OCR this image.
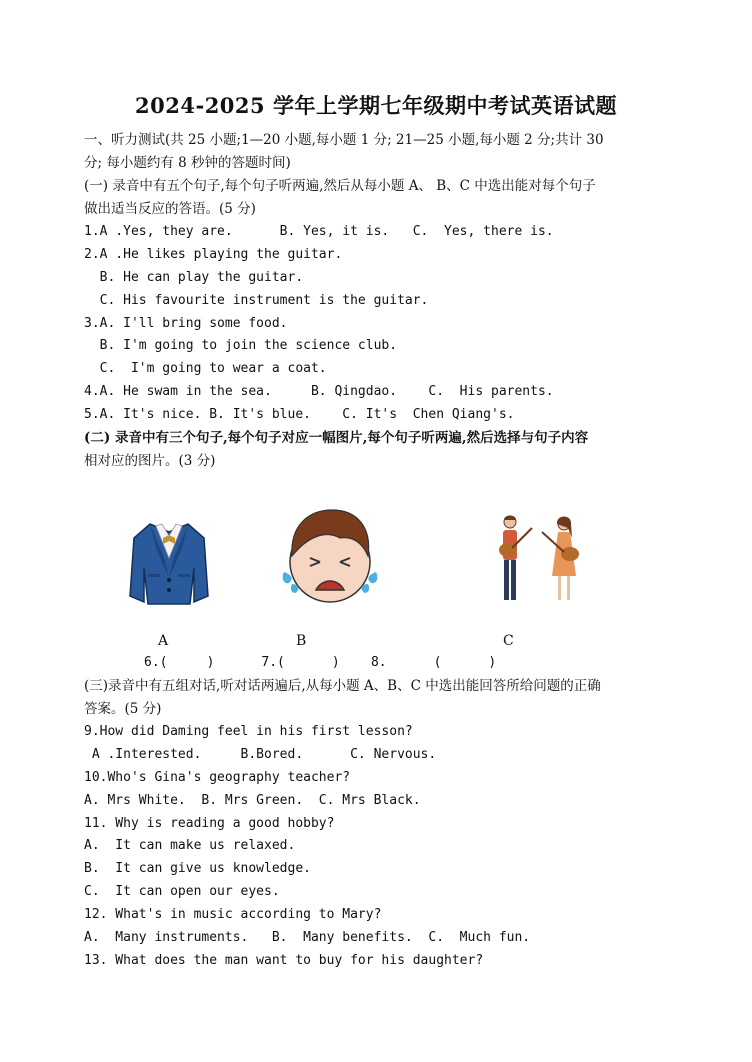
2024-2025 学年上学期七年级期中考试英语试题
一、听力测试(共 25 小题;1—20 小题,每小题 1 分; 21—25 小题,每小题 2 分;共计 30
分; 每小题约有 8 秒钟的答题时间)
(一) 录音中有五个句子,每个句子听两遍,然后从每小题 A、 B、C 中选出能对每个句子
做出适当反应的答语。(5 分)
1.A .Yes, they are.      B. Yes, it is.   C.  Yes, there is.
2.A .He likes playing the guitar.
B. He can play the guitar.
C. His favourite instrument is the guitar.
3.A. I'll bring some food.
B. I'm going to join the science club.
C.  I'm going to wear a coat.
4.A. He swam in the sea.     B. Qingdao.    C.  His parents.
5.A. It's nice. B. It's blue.    C. It's  Chen Qiang's.
(二) 录音中有三个句子,每个句子对应一幅图片,每个句子听两遍,然后选择与句子内容
相对应的图片。(3 分)
A	B	C
6.(     )      7.(      )    8.      (      )
(三)录音中有五组对话,听对话两遍后,从每小题 A、B、C 中选出能回答所给问题的正确
答案。(5 分)
9.How did Daming feel in his first lesson?
A .Interested.     B.Bored.      C. Nervous.
10.Who's Gina's geography teacher?
A. Mrs White.  B. Mrs Green.  C. Mrs Black.
11. Why is reading a good hobby?
A.  It can make us relaxed.
B.  It can give us knowledge.
C.  It can open our eyes.
12. What's in music according to Mary?
A.  Many instruments.   B.  Many benefits.  C.  Much fun.
13. What does the man want to buy for his daughter?
